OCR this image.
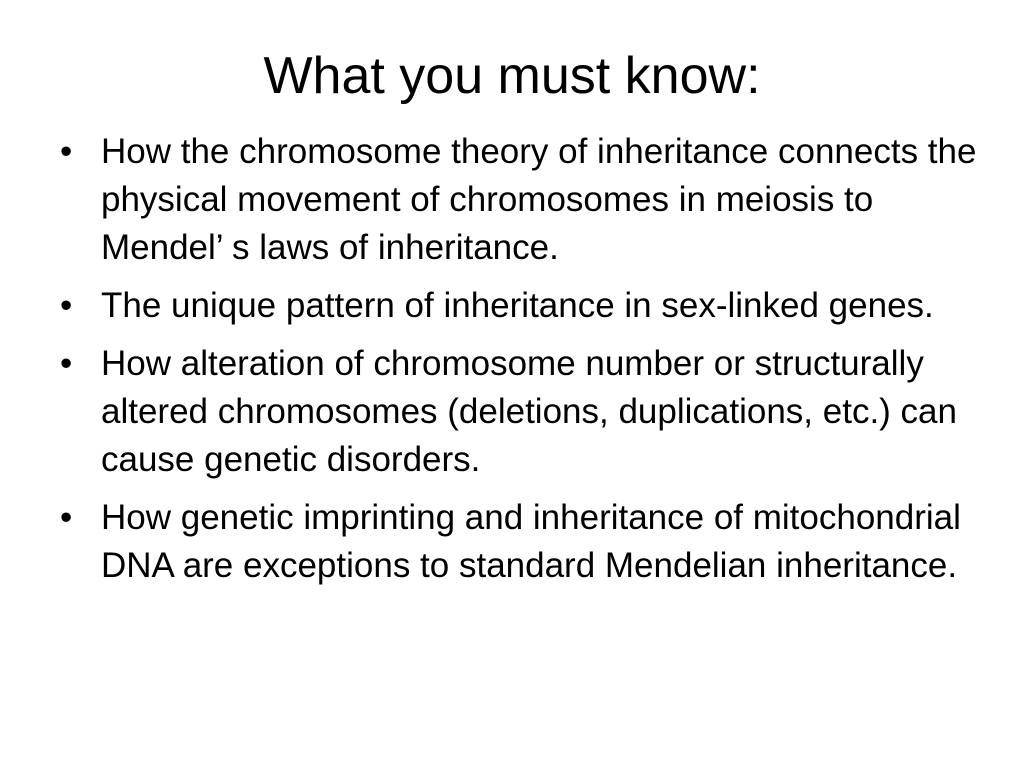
What you must know:
• How the chromosome theory of inheritance connects the physical movement of chromosomes in meiosis to Mendel’ s laws of inheritance.
• The unique pattern of inheritance in sex-linked genes.
• How alteration of chromosome number or structurally altered chromosomes (deletions, duplications, etc.) can cause genetic disorders.
• How genetic imprinting and inheritance of mitochondrial DNA are exceptions to standard Mendelian inheritance.
